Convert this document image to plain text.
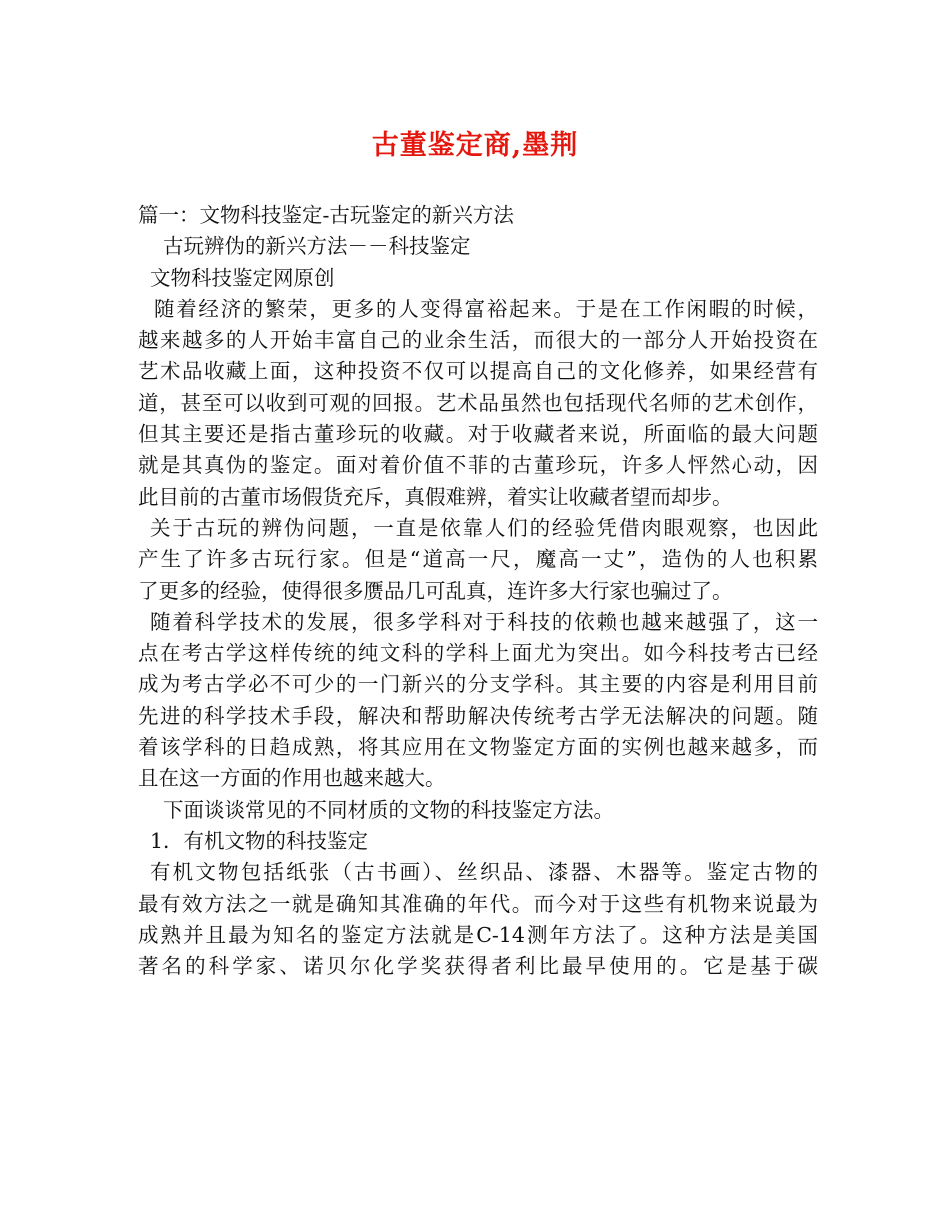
古董鉴定商,墨荆
篇一：文物科技鉴定-古玩鉴定的新兴方法
古玩辨伪的新兴方法－－科技鉴定
文物科技鉴定网原创
随着经济的繁荣，更多的人变得富裕起来。于是在工作闲暇的时候，
越来越多的人开始丰富自己的业余生活，而很大的一部分人开始投资在
艺术品收藏上面，这种投资不仅可以提高自己的文化修养，如果经营有
道，甚至可以收到可观的回报。艺术品虽然也包括现代名师的艺术创作，
但其主要还是指古董珍玩的收藏。对于收藏者来说，所面临的最大问题
就是其真伪的鉴定。面对着价值不菲的古董珍玩，许多人怦然心动，因
此目前的古董市场假货充斥，真假难辨，着实让收藏者望而却步。
关于古玩的辨伪问题，一直是依靠人们的经验凭借肉眼观察，也因此
产生了许多古玩行家。但是“道高一尺，魔高一丈”，造伪的人也积累
了更多的经验，使得很多赝品几可乱真，连许多大行家也骗过了。
随着科学技术的发展，很多学科对于科技的依赖也越来越强了，这一
点在考古学这样传统的纯文科的学科上面尤为突出。如今科技考古已经
成为考古学必不可少的一门新兴的分支学科。其主要的内容是利用目前
先进的科学技术手段，解决和帮助解决传统考古学无法解决的问题。随
着该学科的日趋成熟，将其应用在文物鉴定方面的实例也越来越多，而
且在这一方面的作用也越来越大。
下面谈谈常见的不同材质的文物的科技鉴定方法。
1．有机文物的科技鉴定
有机文物包括纸张（古书画）、丝织品、漆器、木器等。鉴定古物的
最有效方法之一就是确知其准确的年代。而今对于这些有机物来说最为
成熟并且最为知名的鉴定方法就是C-14测年方法了。这种方法是美国
著名的科学家、诺贝尔化学奖获得者利比最早使用的。它是基于碳
